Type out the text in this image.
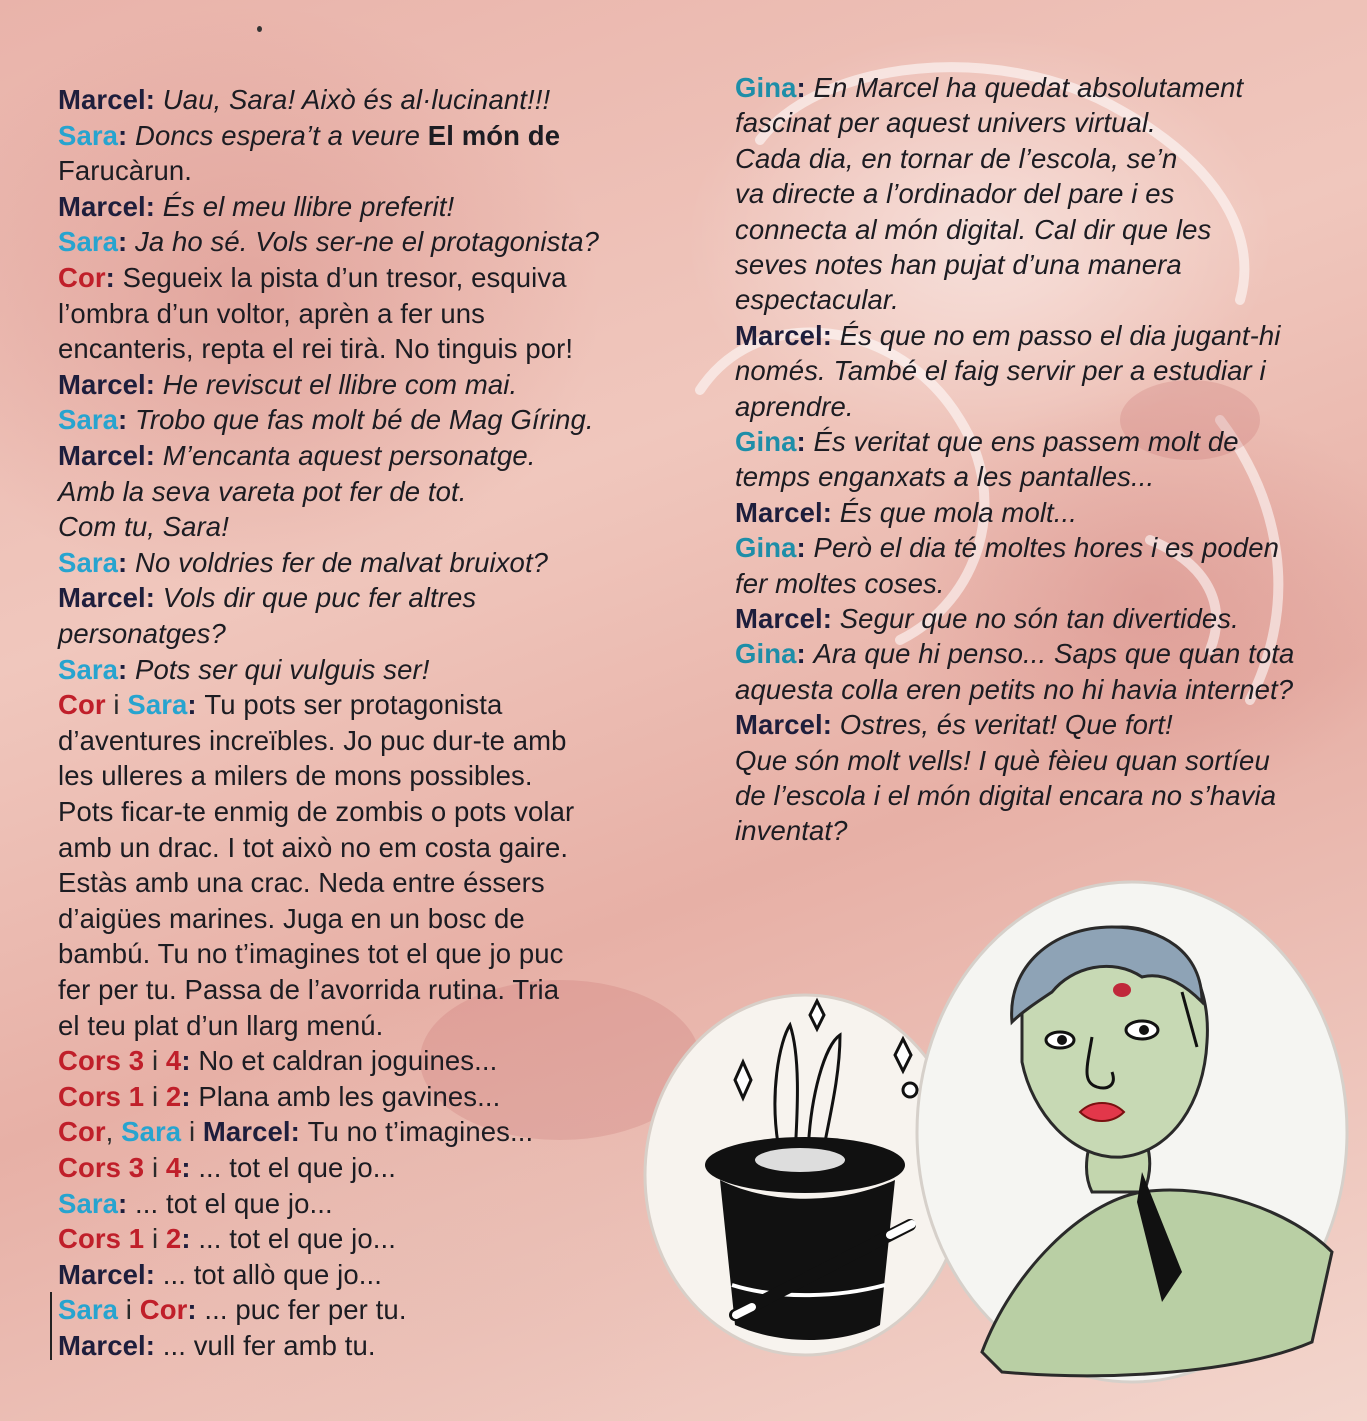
Marcel: Uau, Sara! Això és al·lucinant!!!
Sara: Doncs espera’t a veure El món de
Farucàrun.
Marcel: És el meu llibre preferit!
Sara: Ja ho sé. Vols ser-ne el protagonista?
Cor: Segueix la pista d’un tresor, esquiva
l’ombra d’un voltor, aprèn a fer uns
encanteris, repta el rei tirà. No tinguis por!
Marcel: He reviscut el llibre com mai.
Sara: Trobo que fas molt bé de Mag Gíring.
Marcel: M’encanta aquest personatge.
Amb la seva vareta pot fer de tot.
Com tu, Sara!
Sara: No voldries fer de malvat bruixot?
Marcel: Vols dir que puc fer altres
personatges?
Sara: Pots ser qui vulguis ser!
Cor i Sara: Tu pots ser protagonista
d’aventures increïbles. Jo puc dur-te amb
les ulleres a milers de mons possibles.
Pots ficar-te enmig de zombis o pots volar
amb un drac. I tot això no em costa gaire.
Estàs amb una crac. Neda entre éssers
d’aigües marines. Juga en un bosc de
bambú. Tu no t’imagines tot el que jo puc
fer per tu. Passa de l’avorrida rutina. Tria
el teu plat d’un llarg menú.
Cors 3 i 4: No et caldran joguines...
Cors 1 i 2: Plana amb les gavines...
Cor, Sara i Marcel: Tu no t’imagines...
Cors 3 i 4: ... tot el que jo...
Sara: ... tot el que jo...
Cors 1 i 2: ... tot el que jo...
Marcel: ... tot allò que jo...
Sara i Cor: ... puc fer per tu.
Marcel: ... vull fer amb tu.
Gina: En Marcel ha quedat absolutament
fascinat per aquest univers virtual.
Cada dia, en tornar de l’escola, se’n
va directe a l’ordinador del pare i es
connecta al món digital. Cal dir que les
seves notes han pujat d’una manera
espectacular.
Marcel: És que no em passo el dia jugant-hi
només. També el faig servir per a estudiar i
aprendre.
Gina: És veritat que ens passem molt de
temps enganxats a les pantalles...
Marcel: És que mola molt...
Gina: Però el dia té moltes hores i es poden
fer moltes coses.
Marcel: Segur que no són tan divertides.
Gina: Ara que hi penso... Saps que quan tota
aquesta colla eren petits no hi havia internet?
Marcel: Ostres, és veritat! Que fort!
Que són molt vells! I què fèieu quan sortíeu
de l’escola i el món digital encara no s’havia
inventat?
